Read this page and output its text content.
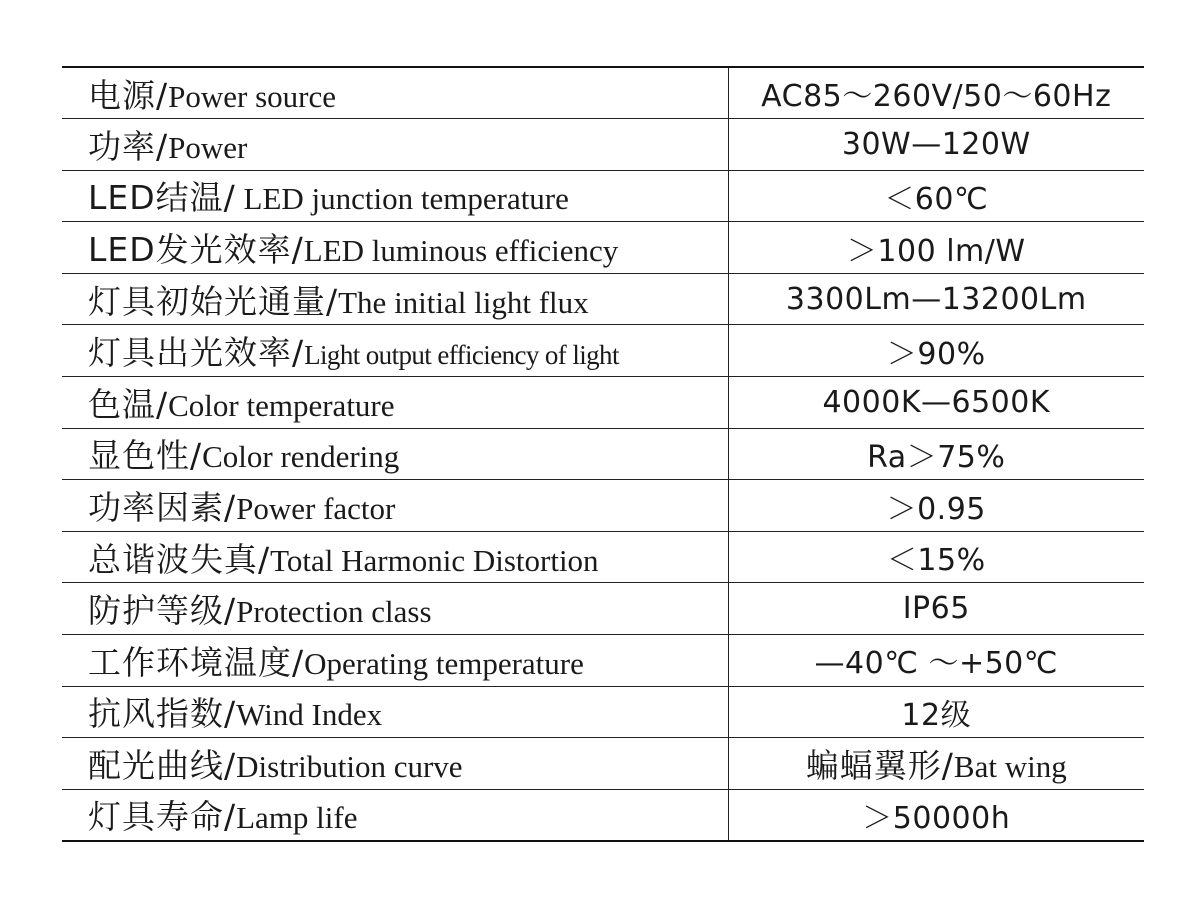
电源/Power source	AC85～260V/50～60Hz
功率/Power	30W—120W
LED结温/ LED junction temperature	＜60℃
LED发光效率/LED luminous efficiency	＞100 lm/W
灯具初始光通量/The initial light flux	3300Lm—13200Lm
灯具出光效率/Light output efficiency of light	＞90%
色温/Color temperature	4000K—6500K
显色性/Color rendering	Ra＞75%
功率因素/Power factor	＞0.95
总谐波失真/Total Harmonic Distortion	＜15%
防护等级/Protection class	IP65
工作环境温度/Operating temperature	—40℃ ～+50℃
抗风指数/Wind Index	12级
配光曲线/Distribution curve	蝙蝠翼形/Bat wing
灯具寿命/Lamp life	＞50000h
